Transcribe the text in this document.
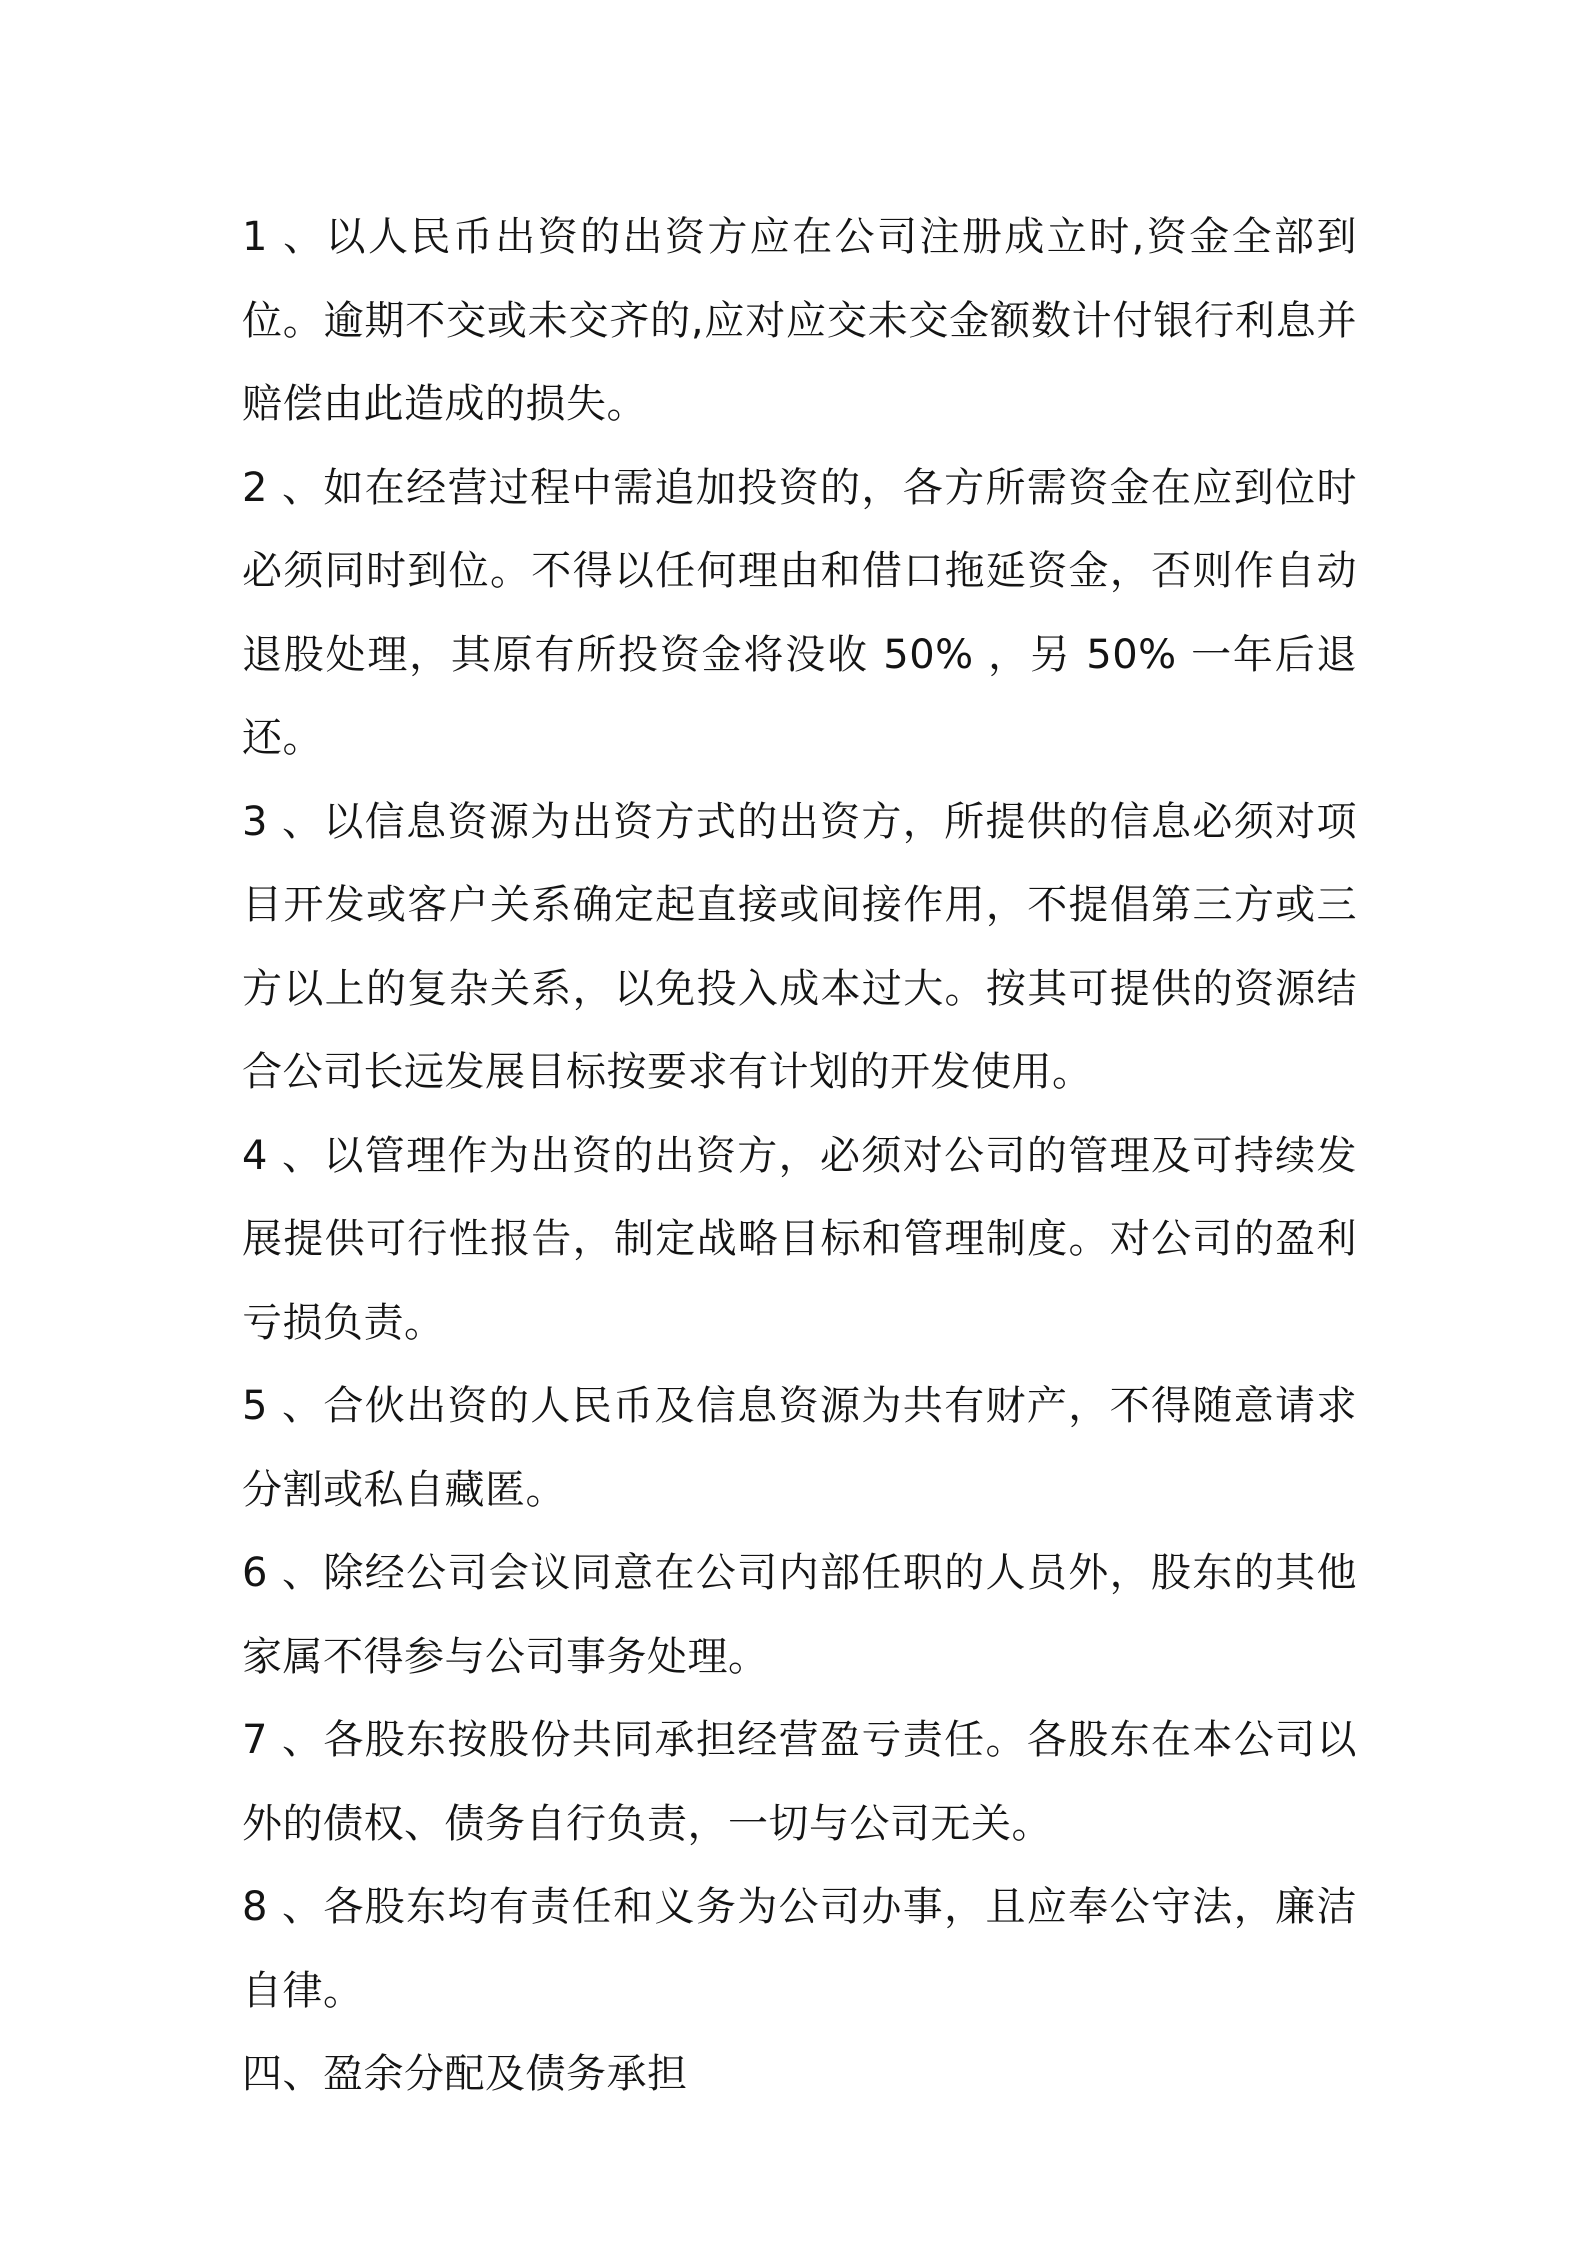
1 、以人民币出资的出资方应在公司注册成立时,资金全部到位。逾期不交或未交齐的,应对应交未交金额数计付银行利息并赔偿由此造成的损失。

2 、如在经营过程中需追加投资的，各方所需资金在应到位时必须同时到位。不得以任何理由和借口拖延资金，否则作自动退股处理，其原有所投资金将没收 50% ，另 50% 一年后退还。

3 、以信息资源为出资方式的出资方，所提供的信息必须对项目开发或客户关系确定起直接或间接作用，不提倡第三方或三方以上的复杂关系，以免投入成本过大。按其可提供的资源结合公司长远发展目标按要求有计划的开发使用。

4 、以管理作为出资的出资方，必须对公司的管理及可持续发展提供可行性报告，制定战略目标和管理制度。对公司的盈利亏损负责。

5 、合伙出资的人民币及信息资源为共有财产，不得随意请求分割或私自藏匿。

6 、除经公司会议同意在公司内部任职的人员外，股东的其他家属不得参与公司事务处理。

7 、各股东按股份共同承担经营盈亏责任。各股东在本公司以外的债权、债务自行负责，一切与公司无关。

8 、各股东均有责任和义务为公司办事，且应奉公守法，廉洁自律。

四、盈余分配及债务承担
